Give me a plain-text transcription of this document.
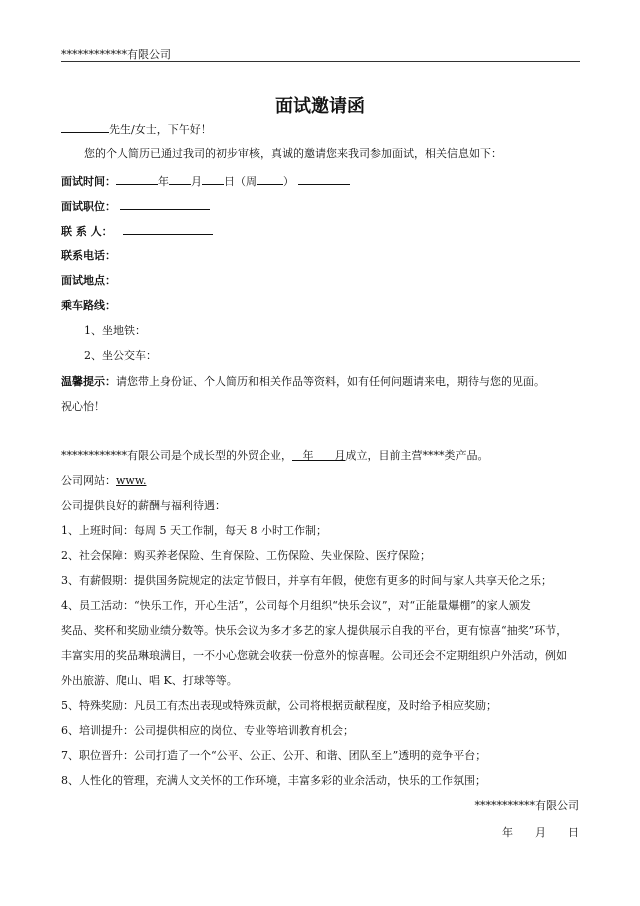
************有限公司
面试邀请函
先生/女士，下午好！
您的个人简历已通过我司的初步审核，真诚的邀请您来我司参加面试，相关信息如下：
面试时间：	年 月 日（周 ）
面试职位：
联 系 人：
联系电话：
面试地点：
乘车路线：
1、坐地铁：
2、坐公交车：
温馨提示：请您带上身份证、个人简历和相关作品等资料，如有任何问题请来电，期待与您的见面。
祝心怡！
************有限公司是个成长型的外贸企业， 年 月成立，目前主营****类产品。
公司网站：www.
公司提供良好的薪酬与福利待遇：
1、上班时间：每周 5 天工作制，每天 8 小时工作制；
2、社会保障：购买养老保险、生育保险、工伤保险、失业保险、医疗保险；
3、有薪假期：提供国务院规定的法定节假日，并享有年假，使您有更多的时间与家人共享天伦之乐；
4、员工活动：“快乐工作，开心生活”，公司每个月组织“快乐会议”，对“正能量爆棚”的家人颁发
奖品、奖杯和奖励业绩分数等。快乐会议为多才多艺的家人提供展示自我的平台，更有惊喜“抽奖”环节，
丰富实用的奖品琳琅满目，一不小心您就会收获一份意外的惊喜喔。公司还会不定期组织户外活动，例如
外出旅游、爬山、唱 K、打球等等。
5、特殊奖励：凡员工有杰出表现或特殊贡献，公司将根据贡献程度，及时给予相应奖励；
6、培训提升：公司提供相应的岗位、专业等培训教育机会；
7、职位晋升：公司打造了一个“公平、公正、公开、和谐、团队至上”透明的竞争平台；
8、人性化的管理，充满人文关怀的工作环境，丰富多彩的业余活动，快乐的工作氛围；
***********有限公司
年　　月　　日
